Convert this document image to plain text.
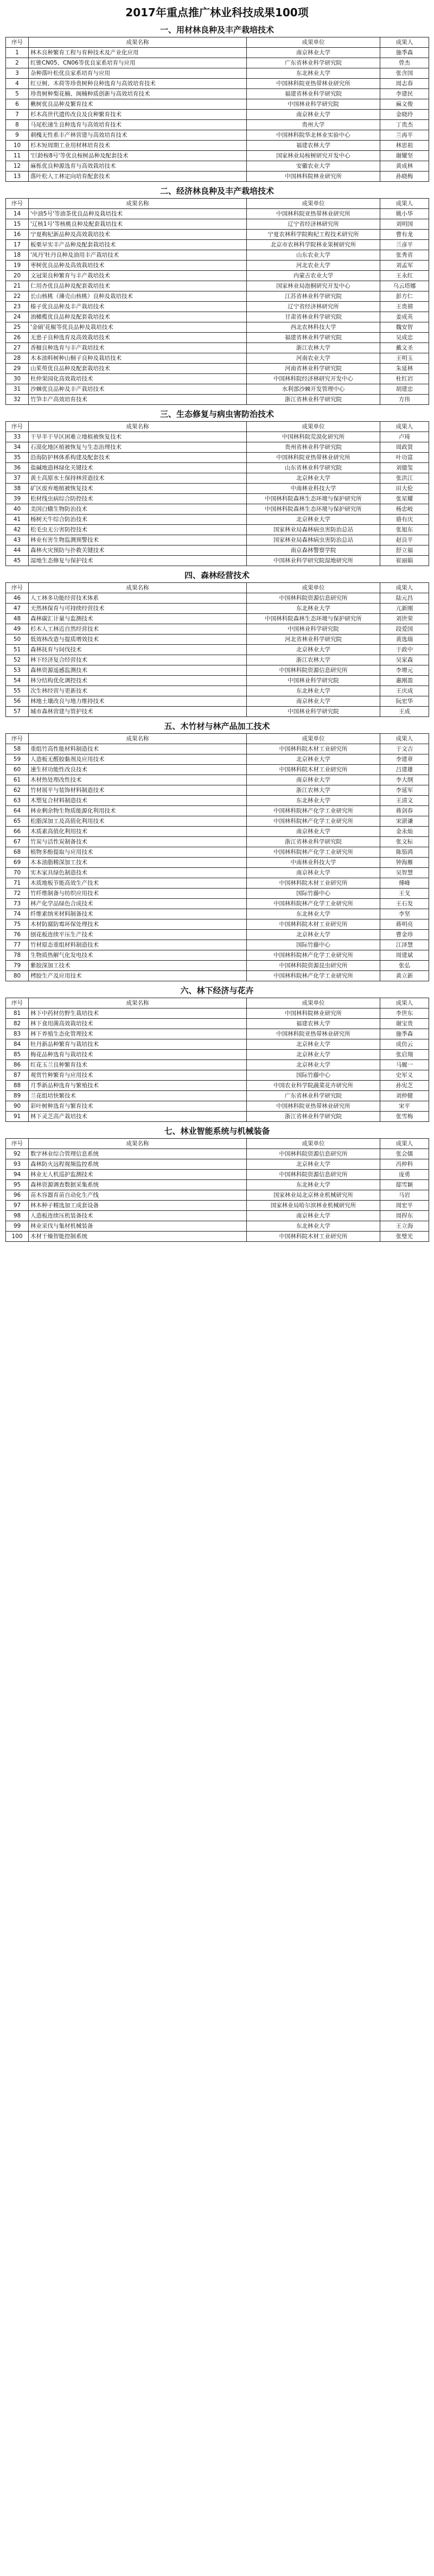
2017年重点推广林业科技成果100项
一、用材林良种及丰产栽培技术
序号	成果名称	成果单位	成果人
1	林木良种繁育工程与育种技术及产业化应用	南京林业大学	施季森
2	红锥CN05、CN06等优良家系培育与应用	广东省林业科学研究院	曾杰
3	杂种落叶松优良家系培育与应用	东北林业大学	张含国
4	红豆树、木荷等珍贵树种良种选育与高效培育技术	中国林科院亚热带林业研究所	周志春
5	珍贵树种梨花楠、闽楠种质创新与高效培育技术	福建省林业科学研究院	李建民
6	楸树优良品种及繁育技术	中国林业科学研究院	麻文俊
7	杉木高世代遗传改良及良种繁育技术	南京林业大学	金晓玲
8	马尾松速生良种选育与高效培育技术	贵州大学	丁贵杰
9	刺槐无性系丰产林营建与高效培育技术	中国林科院华北林业实验中心	兰再平
10	杉木短周期工业用材林培育技术	福建农林大学	林思祖
11	'巨龄桉8号'等优良桉树品种及配套技术	国家林业局桉树研究开发中心	谢耀坚
12	麻栎优良种源选育与高效栽培技术	安徽农业大学	黄成林
13	落叶松人工林定向培育配套技术	中国林科院林业研究所	孙晓梅
二、经济林良种及丰产栽培技术
序号	成果名称	成果单位	成果人
14	'中油5号'等油茶优良品种及栽培技术	中国林科院亚热带林业研究所	姚小华
15	'辽核1号'等核桃良种及配套栽培技术	辽宁省经济林研究所	刘明国
16	宁夏枸杞新品种及高效栽培技术	宁夏农林科学院枸杞工程技术研究所	曹有龙
17	板栗早实丰产品种及配套栽培技术	北京市农林科学院林业果树研究所	兰彦平
18	'凤丹'牡丹良种及油用丰产栽培技术	山东农业大学	张秀省
19	枣树优良品种及高效栽培技术	河北农业大学	刘孟军
20	文冠果良种繁育与丰产栽培技术	内蒙古农业大学	王永红
21	仁用杏优良品种及配套栽培技术	国家林业局泡桐研究开发中心	乌云塔娜
22	长山核桃（薄壳山核桃）良种及栽培技术	江苏省林业科学研究院	彭方仁
23	榛子优良品种及丰产栽培技术	辽宁省经济林研究所	王贵禧
24	油橄榄优良品种及配套栽培技术	甘肃省林业科学研究院	姜成英
25	'金硕'花椒等优良品种及栽培技术	西北农林科技大学	魏安智
26	无患子良种选育及高效栽培技术	福建省林业科学研究院	吴成忠
27	香榧良种选育与丰产栽培技术	浙江农林大学	戴文圣
28	木本油料树种山桐子良种及栽培技术	河南农业大学	王明玉
29	山茱萸优良品种及配套栽培技术	河南省林业科学研究院	朱延林
30	杜仲果园化高效栽培技术	中国林科院经济林研究开发中心	杜红岩
31	沙棘优良品种及丰产栽培技术	水利部沙棘开发管理中心	胡建忠
32	竹笋丰产高效培育技术	浙江省林业科学研究院	方伟
三、生态修复与病虫害防治技术
序号	成果名称	成果单位	成果人
33	干旱半干旱区困难立地植被恢复技术	中国林科院荒漠化研究所	卢琦
34	石漠化地区植被恢复与生态治理技术	贵州省林业科学研究院	周政贤
35	沿海防护林体系构建及配套技术	中国林科院亚热带林业研究所	叶功富
36	盐碱地造林绿化关键技术	山东省林业科学研究院	刘德玺
37	黄土高原水土保持林营造技术	北京林业大学	张洪江
38	矿区废弃地植被恢复技术	中南林业科技大学	田大伦
39	松材线虫病综合防控技术	中国林科院森林生态环境与保护研究所	张星耀
40	美国白蛾生物防治技术	中国林科院森林生态环境与保护研究所	杨忠岐
41	杨树天牛综合防治技术	北京林业大学	骆有庆
42	松毛虫无公害防控技术	国家林业局森林病虫害防治总站	张旭东
43	林业有害生物监测预警技术	国家林业局森林病虫害防治总站	赵良平
44	森林火灾预防与扑救关键技术	南京森林警察学院	舒立福
45	湿地生态修复与保护技术	中国林业科学研究院湿地研究所	崔丽娟
四、森林经营技术
序号	成果名称	成果单位	成果人
46	人工林多功能经营技术体系	中国林科院资源信息研究所	陆元昌
47	天然林保育与可持续经营技术	东北林业大学	亢新刚
48	森林碳汇计量与监测技术	中国林科院森林生态环境与保护研究所	刘世荣
49	杉木人工林近自然经营技术	中国林业科学研究院	段爱国
50	低效林改造与提质增效技术	河北省林业科学研究院	黄选瑞
51	森林抚育与间伐技术	北京林业大学	于政中
52	林下经济复合经营技术	浙江农林大学	吴家森
53	森林资源遥感监测技术	中国林科院资源信息研究所	李增元
54	林分结构优化调控技术	中国林业科学研究院	惠刚盈
55	次生林经营与更新技术	东北林业大学	王庆成
56	林地土壤改良与地力维持技术	南京林业大学	阮宏华
57	城市森林营建与管护技术	中国林业科学研究院	王成
五、木竹材与林产品加工技术
序号	成果名称	成果单位	成果人
58	重组竹高性能材料制造技术	中国林科院木材工业研究所	于文吉
59	人造板无醛胶黏剂及应用技术	北京林业大学	李建章
60	速生材功能性改良技术	中国林科院木材工业研究所	吕建雄
61	木材热处理改性技术	南京林业大学	李大纲
62	竹材展平与装饰材料制造技术	浙江农林大学	李延军
63	木塑复合材料制造技术	东北林业大学	王清文
64	林业剩余物生物质能源化利用技术	中国林科院林产化学工业研究所	蒋剑春
65	松脂深加工及高值化利用技术	中国林科院林产化学工业研究所	宋湛谦
66	木质素高值化利用技术	南京林业大学	金永灿
67	竹炭与活性炭制备技术	浙江省林业科学研究院	张文标
68	植物多酚提取与应用技术	中国林科院林产化学工业研究所	陈笳鸿
69	木本油脂精深加工技术	中南林业科技大学	钟海雁
70	实木家具绿色制造技术	南京林业大学	吴智慧
71	木质地板节能高效生产技术	中国林科院木材工业研究所	傅峰
72	竹纤维制备与纺织应用技术	国际竹藤中心	王戈
73	林产化学品绿色合成技术	中国林科院林产化学工业研究所	王石发
74	纤维素纳米材料制备技术	东北林业大学	李坚
75	木材防腐防霉环保处理技术	中国林科院木材工业研究所	蒋明亮
76	刨花板连续平压生产技术	北京林业大学	曹金珍
77	竹材原态重组材料制造技术	国际竹藤中心	江泽慧
78	生物质热解气化发电技术	中国林科院林产化学工业研究所	周建斌
79	紫胶深加工技术	中国林科院资源昆虫研究所	张弘
80	栲胶生产及应用技术	中国林科院林产化学工业研究所	黄立新
六、林下经济与花卉
序号	成果名称	成果单位	成果人
81	林下中药材仿野生栽培技术	中国林科院林业研究所	李世东
82	林下食用菌高效栽培技术	福建农林大学	谢宝贵
83	林下养殖生态化管理技术	中国林科院亚热带林业研究所	施季森
84	牡丹新品种繁育与栽培技术	北京林业大学	成仿云
85	梅花品种选育与栽培技术	北京林业大学	张启翔
86	红花玉兰良种繁育技术	北京林业大学	马履一
87	观赏竹种繁育与应用技术	国际竹藤中心	史军义
88	月季新品种选育与繁殖技术	中国农业科学院蔬菜花卉研究所	孙宪芝
89	兰花组培快繁技术	广东省林业科学研究院	刘仲健
90	彩叶树种选育与繁育技术	中国林科院亚热带林业研究所	宋平
91	林下灵芝高产栽培技术	浙江省林业科学研究院	张雪梅
七、林业智能系统与机械装备
序号	成果名称	成果单位	成果人
92	数字林业综合管理信息系统	中国林科院资源信息研究所	张会儒
93	森林防火远程视频监控系统	北京林业大学	冯仲科
94	林业无人机巡护监测技术	中国林科院资源信息研究所	庞勇
95	森林资源调查数据采集系统	东北林业大学	邸雪颖
96	苗木容器育苗自动化生产线	国家林业局北京林业机械研究所	马岩
97	林木种子精选加工成套设备	国家林业局哈尔滨林业机械研究所	周宏平
98	人造板连续压机装备技术	南京林业大学	周捍东
99	林业采伐与集材机械装备	东北林业大学	王立海
100	木材干燥智能控制系统	中国林科院木材工业研究所	张璧光
